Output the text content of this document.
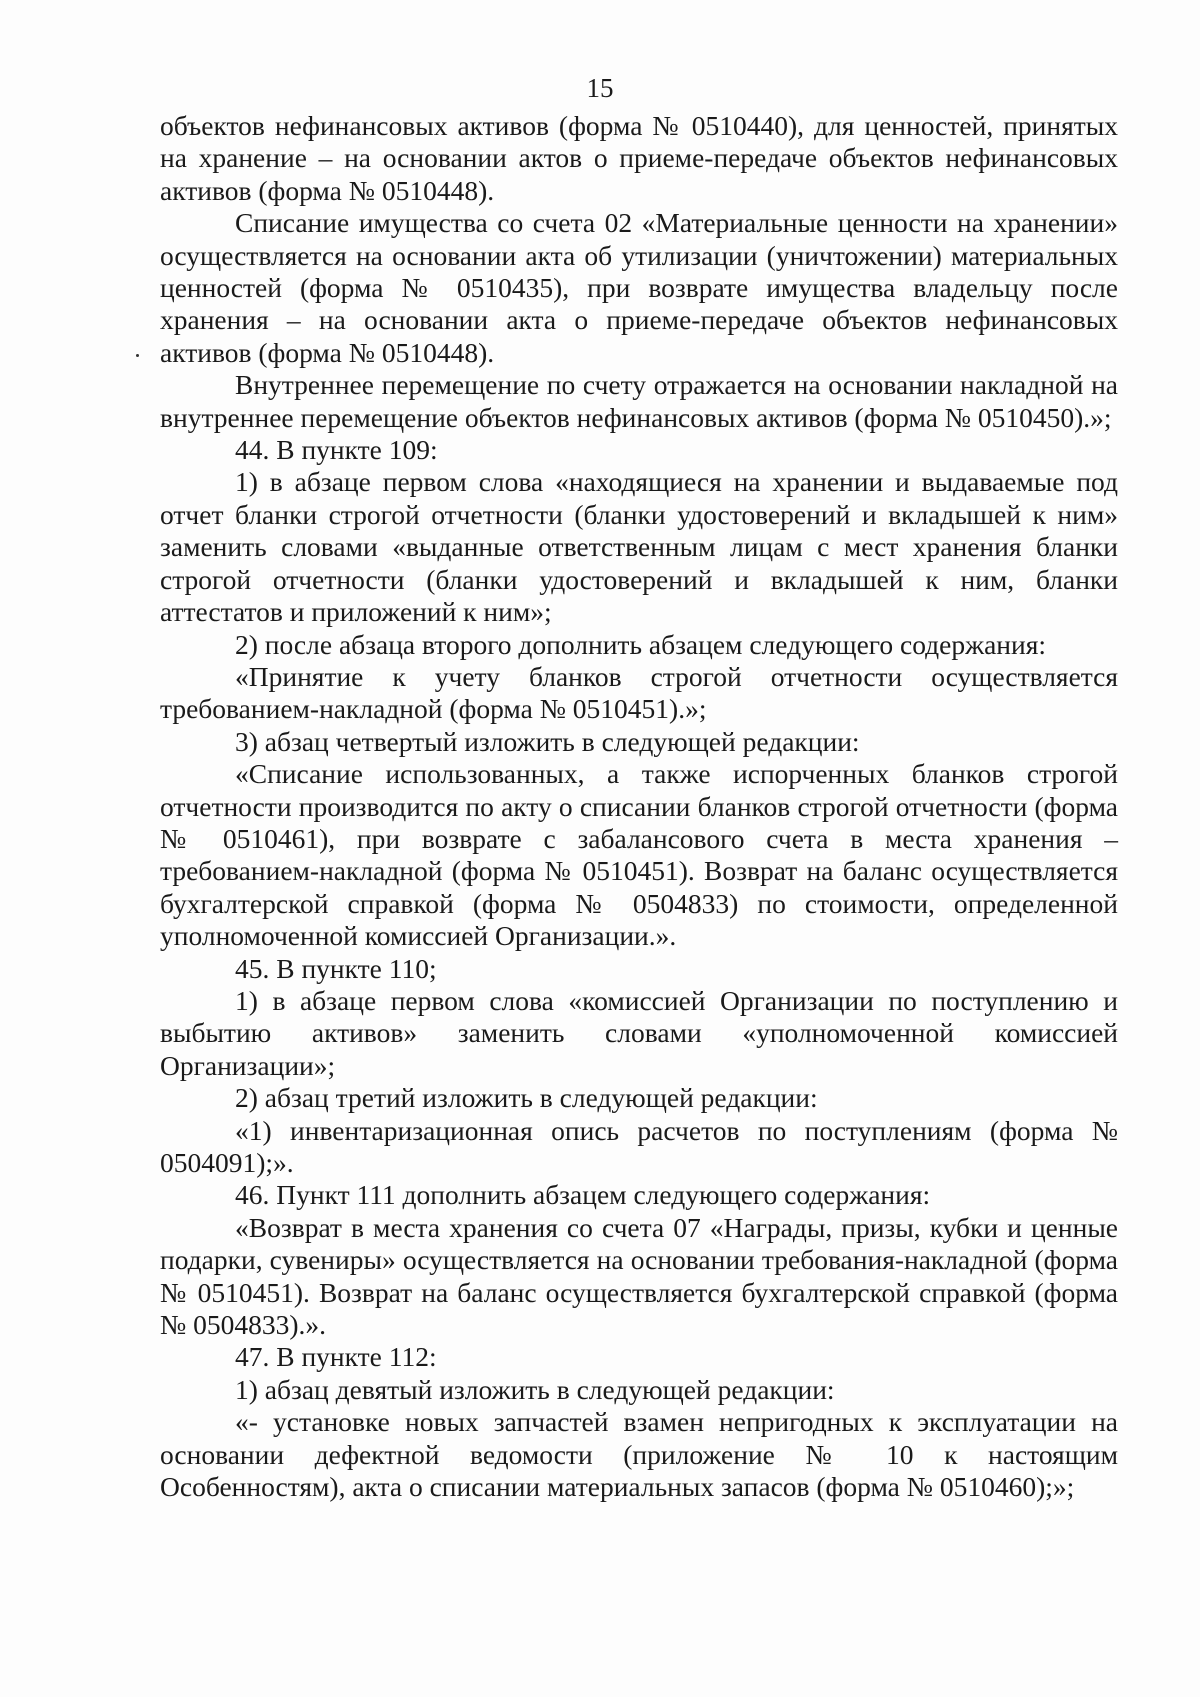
15

объектов нефинансовых активов (форма № 0510440), для ценностей, принятых на хранение – на основании актов о приеме-передаче объектов нефинансовых активов (форма № 0510448).

Списание имущества со счета 02 «Материальные ценности на хранении» осуществляется на основании акта об утилизации (уничтожении) материальных ценностей (форма № 0510435), при возврате имущества владельцу после хранения – на основании акта о приеме-передаче объектов нефинансовых активов (форма № 0510448).

Внутреннее перемещение по счету отражается на основании накладной на внутреннее перемещение объектов нефинансовых активов (форма № 0510450).»;

44. В пункте 109:

1) в абзаце первом слова «находящиеся на хранении и выдаваемые под отчет бланки строгой отчетности (бланки удостоверений и вкладышей к ним» заменить словами «выданные ответственным лицам с мест хранения бланки строгой отчетности (бланки удостоверений и вкладышей к ним, бланки аттестатов и приложений к ним»;

2) после абзаца второго дополнить абзацем следующего содержания:

«Принятие к учету бланков строгой отчетности осуществляется требованием-накладной (форма № 0510451).»;

3) абзац четвертый изложить в следующей редакции:

«Списание использованных, а также испорченных бланков строгой отчетности производится по акту о списании бланков строгой отчетности (форма № 0510461), при возврате с забалансового счета в места хранения – требованием-накладной (форма № 0510451). Возврат на баланс осуществляется бухгалтерской справкой (форма № 0504833) по стоимости, определенной уполномоченной комиссией Организации.».

45. В пункте 110;

1) в абзаце первом слова «комиссией Организации по поступлению и выбытию активов» заменить словами «уполномоченной комиссией Организации»;

2) абзац третий изложить в следующей редакции:

«1) инвентаризационная опись расчетов по поступлениям (форма № 0504091);».

46. Пункт 111 дополнить абзацем следующего содержания:

«Возврат в места хранения со счета 07 «Награды, призы, кубки и ценные подарки, сувениры» осуществляется на основании требования-накладной (форма № 0510451). Возврат на баланс осуществляется бухгалтерской справкой (форма № 0504833).».

47. В пункте 112:

1) абзац девятый изложить в следующей редакции:

«- установке новых запчастей взамен непригодных к эксплуатации на основании дефектной ведомости (приложение № 10 к настоящим Особенностям), акта о списании материальных запасов (форма № 0510460);»;
